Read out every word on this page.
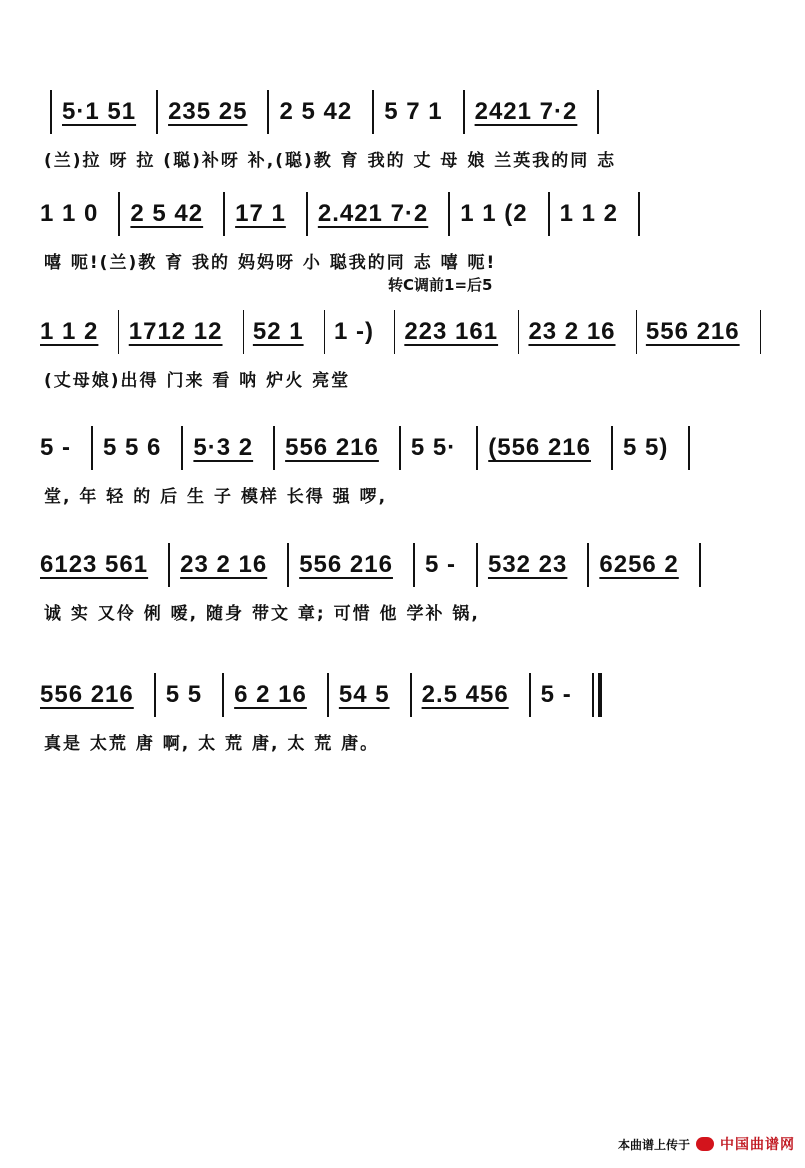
5·1 51 235 25 2 5 42 5 7 1 2421 7·2
(兰)拉 呀 拉 (聪)补呀 补,(聪)教 育 我的 丈 母 娘 兰英我的同 志
1 1 0 2 5 42 17 1 2.421 7·2 1 1 (2 1 1 2
嘻 呃!(兰)教 育 我的 妈妈呀 小 聪我的同 志 嘻 呃!
转C调前1=后5
1 1 2 1712 12 52 1 1 -) 223 161 23 2 16 556 216
(丈母娘)出得 门来 看 呐 炉火 亮堂
5 - 5 5 6 5·3 2 556 216 5 5· (556 216 5 5)
堂, 年 轻 的 后 生 子 模样 长得 强 啰,
6123 561 23 2 16 556 216 5 - 532 23 6256 2
诚 实 又伶 俐 嗳, 随身 带文 章; 可惜 他 学补 锅,
556 216 5 5 6 2 16 54 5 2.5 456 5 -
真是 太荒 唐 啊, 太 荒 唐, 太 荒 唐。
本曲谱上传于 中国曲谱网
